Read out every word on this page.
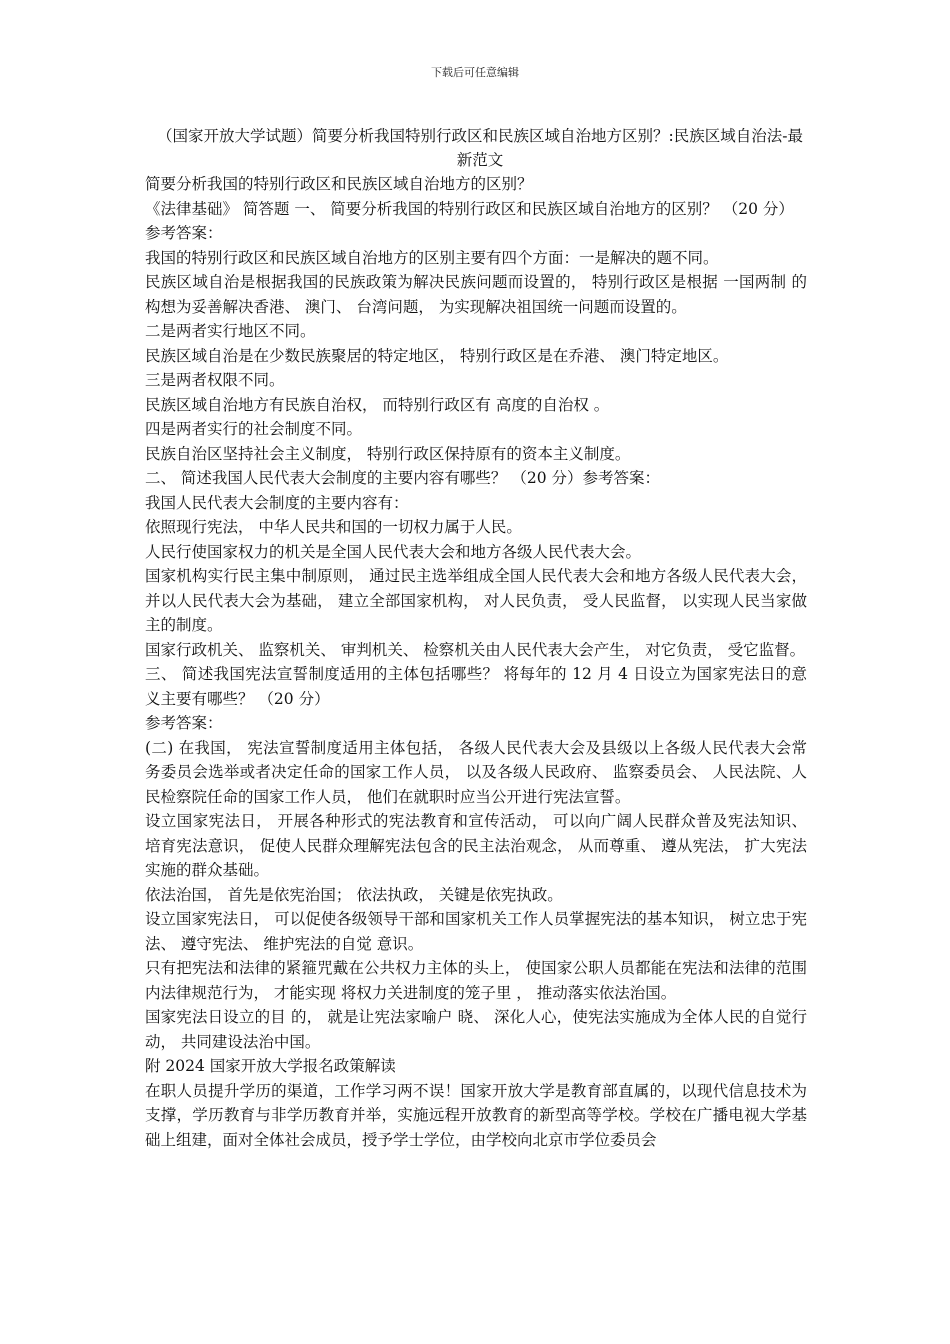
下载后可任意编辑
（国家开放大学试题）简要分析我国特别行政区和民族区域自治地方区别？:民族区域自治法-最新范文

简要分析我国的特别行政区和民族区域自治地方的区别？

《法律基础》 简答题 一、 简要分析我国的特别行政区和民族区域自治地方的区别？ （20 分）

参考答案：

我国的特别行政区和民族区域自治地方的区别主要有四个方面：一是解决的题不同。

民族区域自治是根据我国的民族政策为解决民族问题而设置的， 特别行政区是根据 一国两制 的构想为妥善解决香港、 澳门、 台湾问题， 为实现解决祖国统一问题而设置的。

二是两者实行地区不同。

民族区域自治是在少数民族聚居的特定地区， 特别行政区是在乔港、 澳门特定地区。

三是两者权限不同。

民族区域自治地方有民族自治权， 而特别行政区有 高度的自治权 。

四是两者实行的社会制度不同。

民族自治区坚持社会主义制度， 特别行政区保持原有的资本主义制度。

二、 简述我国人民代表大会制度的主要内容有哪些？ （20 分）参考答案：

我国人民代表大会制度的主要内容有：

依照现行宪法， 中华人民共和国的一切权力属于人民。

人民行使国家权力的机关是全国人民代表大会和地方各级人民代表大会。

国家机构实行民主集中制原则， 通过民主选举组成全国人民代表大会和地方各级人民代表大会， 并以人民代表大会为基础， 建立全部国家机构， 对人民负责， 受人民监督， 以实现人民当家做主的制度。

国家行政机关、 监察机关、 审判机关、 检察机关由人民代表大会产生， 对它负责， 受它监督。

三、 简述我国宪法宣誓制度适用的主体包括哪些？ 将每年的 12 月 4 日设立为国家宪法日的意义主要有哪些？ （20 分）

参考答案：

(二) 在我国， 宪法宣誓制度适用主体包括， 各级人民代表大会及县级以上各级人民代表大会常务委员会选举或者决定任命的国家工作人员， 以及各级人民政府、 监察委员会、 人民法院、人民检察院任命的国家工作人员， 他们在就职时应当公开进行宪法宣誓。

设立国家宪法日， 开展各种形式的宪法教育和宣传活动， 可以向广阔人民群众普及宪法知识、 培育宪法意识， 促使人民群众理解宪法包含的民主法治观念， 从而尊重、 遵从宪法， 扩大宪法实施的群众基础。

依法治国， 首先是依宪治国； 依法执政， 关键是依宪执政。

设立国家宪法日， 可以促使各级领导干部和国家机关工作人员掌握宪法的基本知识， 树立忠于宪法、 遵守宪法、 维护宪法的自觉 意识。

只有把宪法和法律的紧箍咒戴在公共权力主体的头上， 使国家公职人员都能在宪法和法律的范围内法律规范行为， 才能实现 将权力关进制度的笼子里 ， 推动落实依法治国。

国家宪法日设立的目 的， 就是让宪法家喻户 晓、 深化人心，使宪法实施成为全体人民的自觉行动， 共同建设法治中国。

附 2024 国家开放大学报名政策解读

在职人员提升学历的渠道，工作学习两不误！国家开放大学是教育部直属的，以现代信息技术为支撑，学历教育与非学历教育并举，实施远程开放教育的新型高等学校。学校在广播电视大学基础上组建，面对全体社会成员，授予学士学位，由学校向北京市学位委员会
